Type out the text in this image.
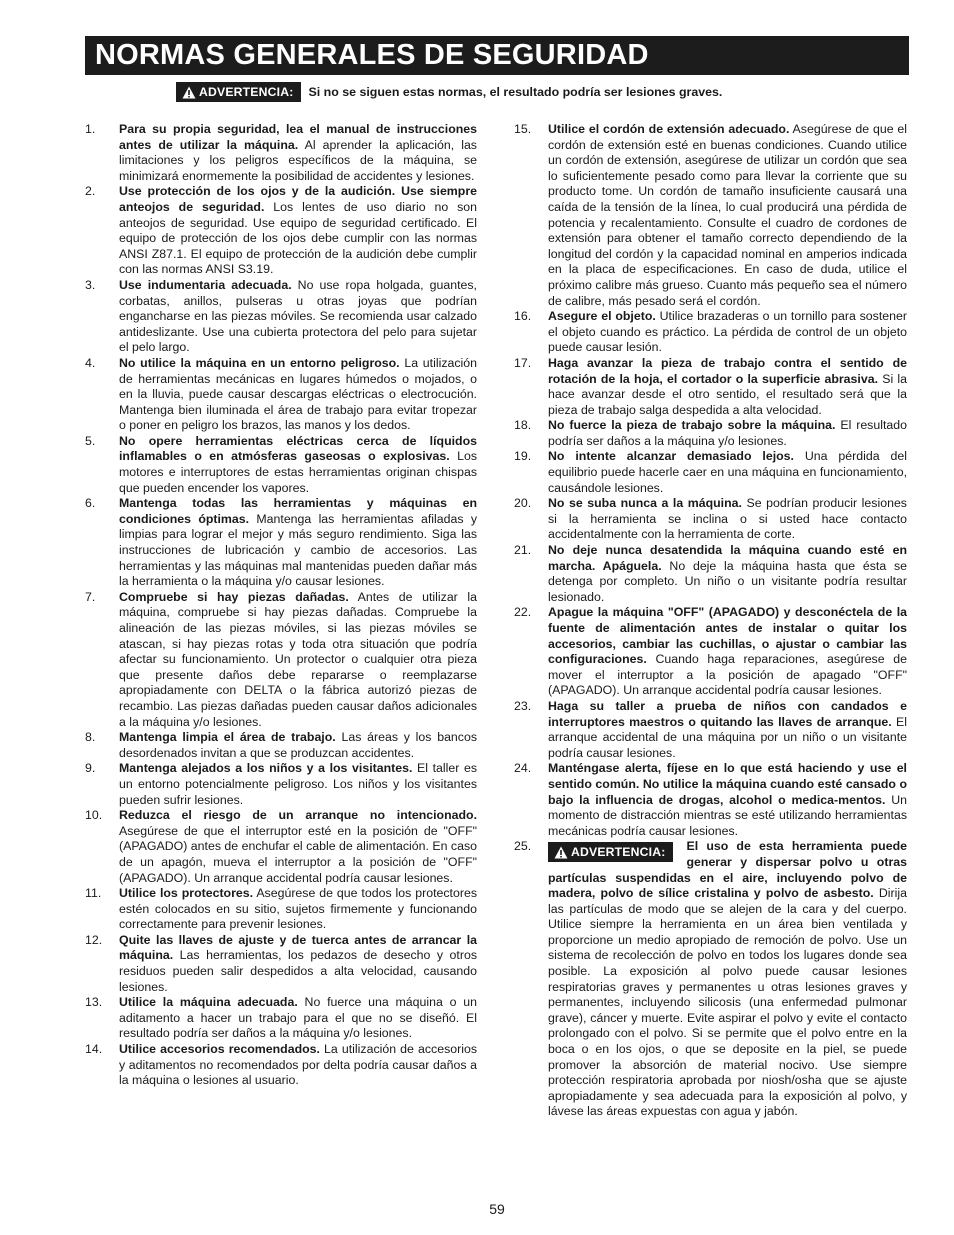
NORMAS GENERALES DE SEGURIDAD
ADVERTENCIA: Si no se siguen estas normas, el resultado podría ser lesiones graves.
1.	Para su propia seguridad, lea el manual de instrucciones antes de utilizar la máquina. Al aprender la aplicación, las limitaciones y los peligros específicos de la máquina, se minimizará enormemente la posibilidad de accidentes y lesiones.
2.	Use protección de los ojos y de la audición. Use siempre anteojos de seguridad. Los lentes de uso diario no son anteojos de seguridad. Use equipo de seguridad certificado. El equipo de protección de los ojos debe cumplir con las normas ANSI Z87.1. El equipo de protección de la audición debe cumplir con las normas ANSI S3.19.
3.	Use indumentaria adecuada. No use ropa holgada, guantes, corbatas, anillos, pulseras u otras joyas que podrían engancharse en las piezas móviles. Se recomienda usar calzado antideslizante. Use una cubierta protectora del pelo para sujetar el pelo largo.
4.	No utilice la máquina en un entorno peligroso. La utilización de herramientas mecánicas en lugares húmedos o mojados, o en la lluvia, puede causar descargas eléctricas o electrocución. Mantenga bien iluminada el área de trabajo para evitar tropezar o poner en peligro los brazos, las manos y los dedos.
5.	No opere herramientas eléctricas cerca de líquidos inflamables o en atmósferas gaseosas o explosivas. Los motores e interruptores de estas herramientas originan chispas que pueden encender los vapores.
6.	Mantenga todas las herramientas y máquinas en condiciones óptimas. Mantenga las herramientas afiladas y limpias para lograr el mejor y más seguro rendimiento. Siga las instrucciones de lubricación y cambio de accesorios. Las herramientas y las máquinas mal mantenidas pueden dañar más la herramienta o la máquina y/o causar lesiones.
7.	Compruebe si hay piezas dañadas. Antes de utilizar la máquina, compruebe si hay piezas dañadas. Compruebe la alineación de las piezas móviles, si las piezas móviles se atascan, si hay piezas rotas y toda otra situación que podría afectar su funcionamiento. Un protector o cualquier otra pieza que presente daños debe repararse o reemplazarse apropiadamente con DELTA o la fábrica autorizó piezas de recambio. Las piezas dañadas pueden causar daños adicionales a la máquina y/o lesiones.
8.	Mantenga limpia el área de trabajo. Las áreas y los bancos desordenados invitan a que se produzcan accidentes.
9.	Mantenga alejados a los niños y a los visitantes. El taller es un entorno potencialmente peligroso. Los niños y los visitantes pueden sufrir lesiones.
10.	Reduzca el riesgo de un arranque no intencionado. Asegúrese de que el interruptor esté en la posición de "OFF" (APAGADO) antes de enchufar el cable de alimentación. En caso de un apagón, mueva el interruptor a la posición de "OFF" (APAGADO). Un arranque accidental podría causar lesiones.
11.	Utilice los protectores. Asegúrese de que todos los protectores estén colocados en su sitio, sujetos firmemente y funcionando correctamente para prevenir lesiones.
12.	Quite las llaves de ajuste y de tuerca antes de arrancar la máquina. Las herramientas, los pedazos de desecho y otros residuos pueden salir despedidos a alta velocidad, causando lesiones.
13.	Utilice la máquina adecuada. No fuerce una máquina o un aditamento a hacer un trabajo para el que no se diseñó. El resultado podría ser daños a la máquina y/o lesiones.
14.	Utilice accesorios recomendados. La utilización de accesorios y aditamentos no recomendados por delta podría causar daños a la máquina o lesiones al usuario.
15.	Utilice el cordón de extensión adecuado. Asegúrese de que el cordón de extensión esté en buenas condiciones. Cuando utilice un cordón de extensión, asegúrese de utilizar un cordón que sea lo suficientemente pesado como para llevar la corriente que su producto tome. Un cordón de tamaño insuficiente causará una caída de la tensión de la línea, lo cual producirá una pérdida de potencia y recalentamiento. Consulte el cuadro de cordones de extensión para obtener el tamaño correcto dependiendo de la longitud del cordón y la capacidad nominal en amperios indicada en la placa de especificaciones. En caso de duda, utilice el próximo calibre más grueso. Cuanto más pequeño sea el número de calibre, más pesado será el cordón.
16.	Asegure el objeto. Utilice brazaderas o un tornillo para sostener el objeto cuando es práctico. La pérdida de control de un objeto puede causar lesión.
17.	Haga avanzar la pieza de trabajo contra el sentido de rotación de la hoja, el cortador o la superficie abrasiva. Si la hace avanzar desde el otro sentido, el resultado será que la pieza de trabajo salga despedida a alta velocidad.
18.	No fuerce la pieza de trabajo sobre la máquina. El resultado podría ser daños a la máquina y/o lesiones.
19.	No intente alcanzar demasiado lejos. Una pérdida del equilibrio puede hacerle caer en una máquina en funcionamiento, causándole lesiones.
20.	No se suba nunca a la máquina. Se podrían producir lesiones si la herramienta se inclina o si usted hace contacto accidentalmente con la herramienta de corte.
21.	No deje nunca desatendida la máquina cuando esté en marcha. Apáguela. No deje la máquina hasta que ésta se detenga por completo. Un niño o un visitante podría resultar lesionado.
22.	Apague la máquina "OFF" (APAGADO) y desconéctela de la fuente de alimentación antes de instalar o quitar los accesorios, cambiar las cuchillas, o ajustar o cambiar las configuraciones. Cuando haga reparaciones, asegúrese de mover el interruptor a la posición de apagado "OFF" (APAGADO). Un arranque accidental podría causar lesiones.
23.	Haga su taller a prueba de niños con candados e interruptores maestros o quitando las llaves de arranque. El arranque accidental de una máquina por un niño o un visitante podría causar lesiones.
24.	Manténgase alerta, fíjese en lo que está haciendo y use el sentido común. No utilice la máquina cuando esté cansado o bajo la influencia de drogas, alcohol o medica-mentos. Un momento de distracción mientras se esté utilizando herramientas mecánicas podría causar lesiones.
25.	ADVERTENCIA: El uso de esta herramienta puede generar y dispersar polvo u otras partículas suspendidas en el aire, incluyendo polvo de madera, polvo de sílice cristalina y polvo de asbesto. Dirija las partículas de modo que se alejen de la cara y del cuerpo. Utilice siempre la herramienta en un área bien ventilada y proporcione un medio apropiado de remoción de polvo. Use un sistema de recolección de polvo en todos los lugares donde sea posible. La exposición al polvo puede causar lesiones respiratorias graves y permanentes u otras lesiones graves y permanentes, incluyendo silicosis (una enfermedad pulmonar grave), cáncer y muerte. Evite aspirar el polvo y evite el contacto prolongado con el polvo. Si se permite que el polvo entre en la boca o en los ojos, o que se deposite en la piel, se puede promover la absorción de material nocivo. Use siempre protección respiratoria aprobada por niosh/osha que se ajuste apropiadamente y sea adecuada para la exposición al polvo, y lávese las áreas expuestas con agua y jabón.
59
